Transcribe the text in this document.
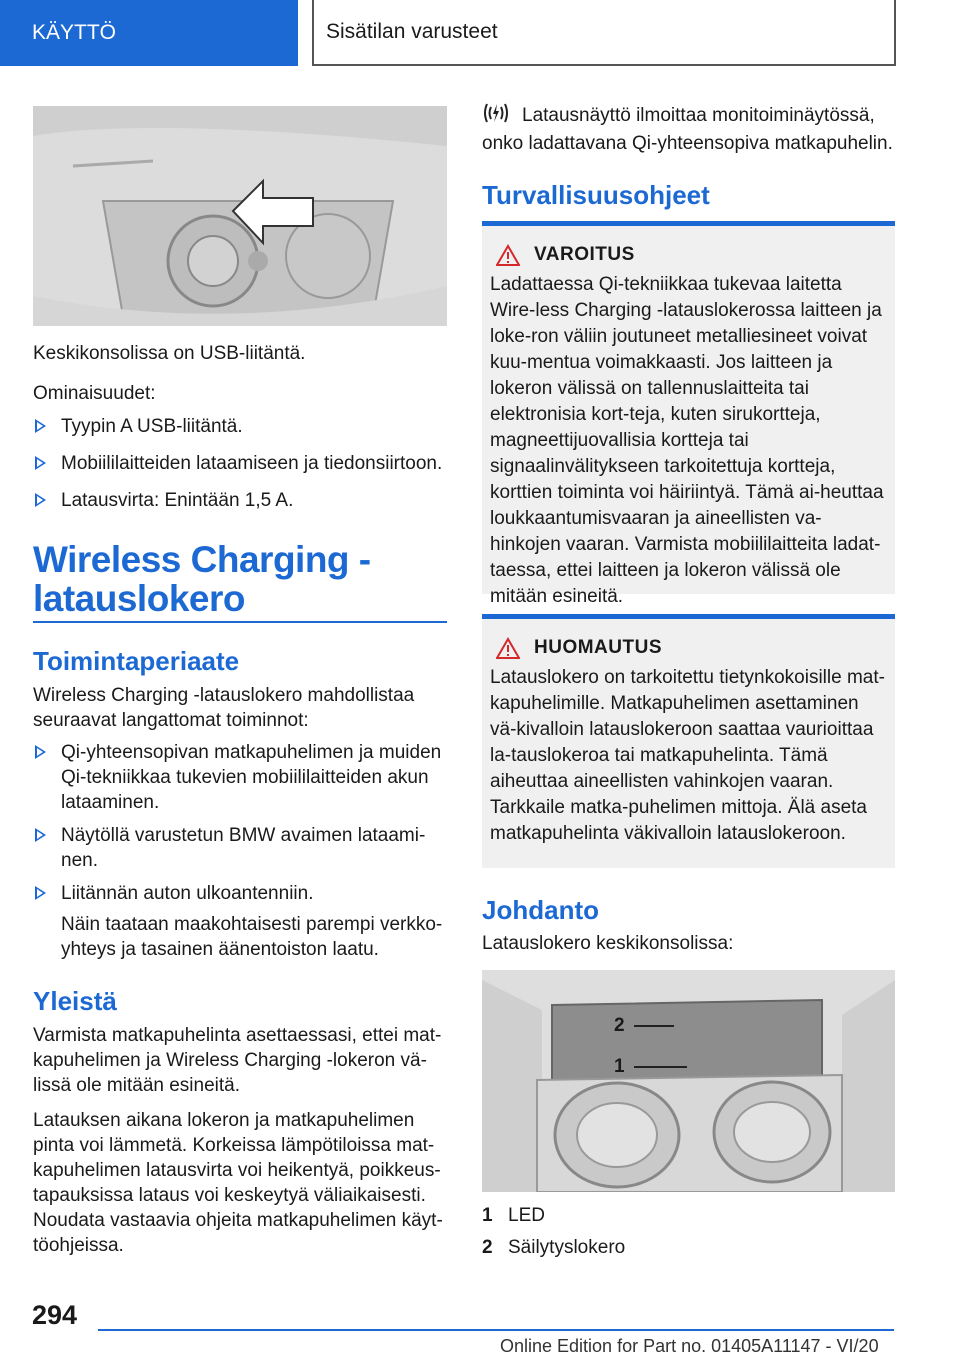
KÄYTTÖ	Sisätilan varusteet
Keskikonsolissa on USB-liitäntä.
Ominaisuudet:
Tyypin A USB-liitäntä.
Mobiililaitteiden lataamiseen ja tiedonsiirtoon.
Latausvirta: Enintään 1,5 A.
Wireless Charging -
latauslokero
Toimintaperiaate
Wireless Charging -latauslokero mahdollistaa seuraavat langattomat toiminnot:
Qi-yhteensopivan matkapuhelimen ja muiden Qi-tekniikkaa tukevien mobiililaitteiden akun lataaminen.
Näytöllä varustetun BMW avaimen lataami-nen.
Liitännän auton ulkoantenniin.
Näin taataan maakohtaisesti parempi verkko-yhteys ja tasainen äänentoiston laatu.
Yleistä
Varmista matkapuhelinta asettaessasi, ettei mat-kapuhelimen ja Wireless Charging -lokeron vä-lissä ole mitään esineitä.
Latauksen aikana lokeron ja matkapuhelimen pinta voi lämmetä. Korkeissa lämpötiloissa mat-kapuhelimen latausvirta voi heikentyä, poikkeus-tapauksissa lataus voi keskeytyä väliaikaisesti. Noudata vastaavia ohjeita matkapuhelimen käyt-töohjeissa.
Latausnäyttö ilmoittaa monitoiminäytössä,
onko ladattavana Qi-yhteensopiva matkapuhelin.
Turvallisuusohjeet
VAROITUS
Ladattaessa Qi-tekniikkaa tukevaa laitetta Wire-less Charging -latauslokerossa laitteen ja loke-ron väliin joutuneet metalliesineet voivat kuu-mentua voimakkaasti. Jos laitteen ja lokeron välissä on tallennuslaitteita tai elektronisia kort-teja, kuten sirukortteja, magneettijuovallisia kortteja tai signaalinvälitykseen tarkoitettuja kortteja, korttien toiminta voi häiriintyä. Tämä ai-heuttaa loukkaantumisvaaran ja aineellisten va-hinkojen vaaran. Varmista mobiililaitteita ladat-taessa, ettei laitteen ja lokeron välissä ole mitään esineitä.
HUOMAUTUS
Latauslokero on tarkoitettu tietynkokoisille mat-kapuhelimille. Matkapuhelimen asettaminen vä-kivalloin latauslokeroon saattaa vaurioittaa la-tauslokeroa tai matkapuhelinta. Tämä aiheuttaa aineellisten vahinkojen vaaran. Tarkkaile matka-puhelimen mittoja. Älä aseta matkapuhelinta väkivalloin latauslokeroon.
Johdanto
Latauslokero keskikonsolissa:
2
1
1 LED
2 Säilytyslokero
294
Online Edition for Part no. 01405A11147 - VI/20
